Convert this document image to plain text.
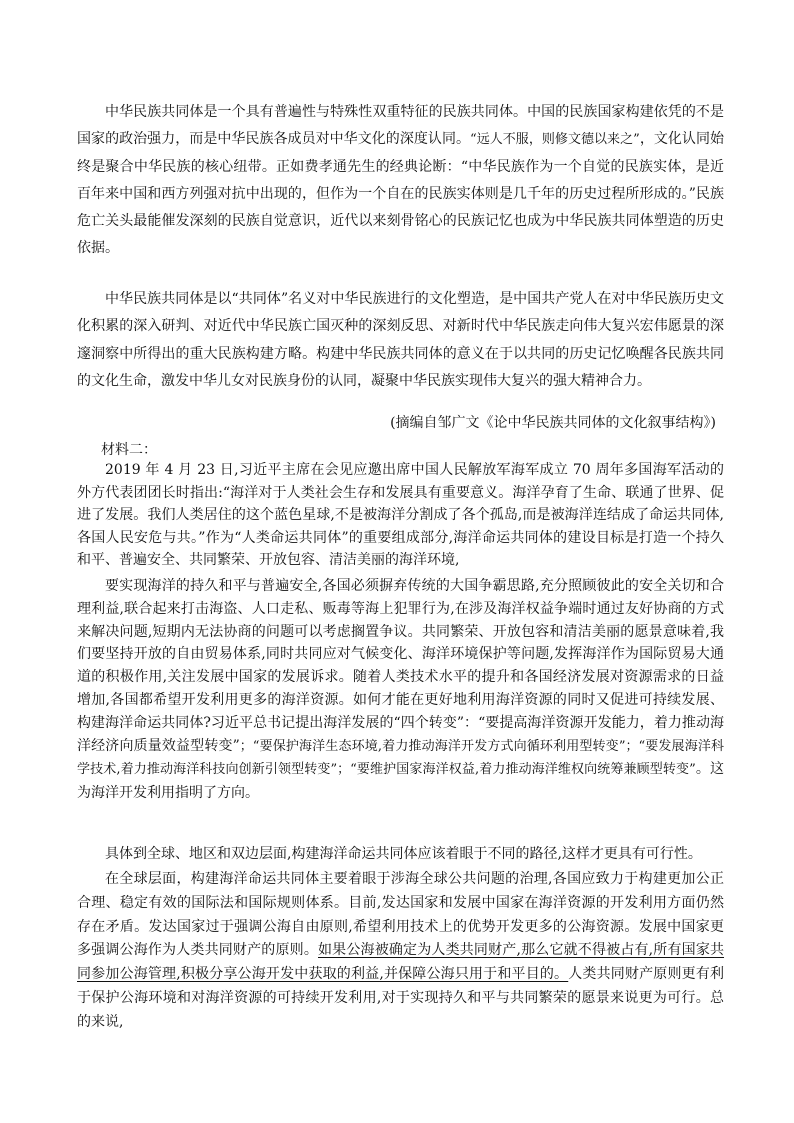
中华民族共同体是一个具有普遍性与特殊性双重特征的民族共同体。中国的民族国家构建依凭的不是国家的政治强力，而是中华民族各成员对中华文化的深度认同。“远人不服，则修文德以来之”，文化认同始终是聚合中华民族的核心纽带。正如费孝通先生的经典论断：“中华民族作为一个自觉的民族实体，是近百年来中国和西方列强对抗中出现的，但作为一个自在的民族实体则是几千年的历史过程所形成的。”民族危亡关头最能催发深刻的民族自觉意识，近代以来刻骨铭心的民族记忆也成为中华民族共同体塑造的历史依据。

中华民族共同体是以“共同体”名义对中华民族进行的文化塑造，是中国共产党人在对中华民族历史文化积累的深入研判、对近代中华民族亡国灭种的深刻反思、对新时代中华民族走向伟大复兴宏伟愿景的深邃洞察中所得出的重大民族构建方略。构建中华民族共同体的意义在于以共同的历史记忆唤醒各民族共同的文化生命，激发中华儿女对民族身份的认同，凝聚中华民族实现伟大复兴的强大精神合力。

(摘编自邹广文《论中华民族共同体的文化叙事结构》)
材料二：

2019 年 4 月 23 日,习近平主席在会见应邀出席中国人民解放军海军成立 70 周年多国海军活动的外方代表团团长时指出:“海洋对于人类社会生存和发展具有重要意义。海洋孕育了生命、联通了世界、促进了发展。我们人类居住的这个蓝色星球,不是被海洋分割成了各个孤岛,而是被海洋连结成了命运共同体,各国人民安危与共。”作为“人类命运共同体”的重要组成部分,海洋命运共同体的建设目标是打造一个持久和平、普遍安全、共同繁荣、开放包容、清洁美丽的海洋环境,

要实现海洋的持久和平与普遍安全,各国必须摒弃传统的大国争霸思路,充分照顾彼此的安全关切和合理利益,联合起来打击海盗、人口走私、贩毒等海上犯罪行为,在涉及海洋权益争端时通过友好协商的方式来解决问题,短期内无法协商的问题可以考虑搁置争议。共同繁荣、开放包容和清洁美丽的愿景意味着,我们要坚持开放的自由贸易体系,同时共同应对气候变化、海洋环境保护等问题,发挥海洋作为国际贸易大通道的积极作用,关注发展中国家的发展诉求。随着人类技术水平的提升和各国经济发展对资源需求的日益增加,各国都希望开发利用更多的海洋资源。如何才能在更好地利用海洋资源的同时又促进可持续发展、构建海洋命运共同体?习近平总书记提出海洋发展的“四个转变”：“要提高海洋资源开发能力，着力推动海洋经济向质量效益型转变”；“要保护海洋生态环境,着力推动海洋开发方式向循环利用型转变”；“要发展海洋科学技术,着力推动海洋科技向创新引领型转变”；“要维护国家海洋权益,着力推动海洋维权向统筹兼顾型转变”。这为海洋开发利用指明了方向。

具体到全球、地区和双边层面,构建海洋命运共同体应该着眼于不同的路径,这样才更具有可行性。

在全球层面，构建海洋命运共同体主要着眼于涉海全球公共问题的治理,各国应致力于构建更加公正合理、稳定有效的国际法和国际规则体系。目前,发达国家和发展中国家在海洋资源的开发利用方面仍然存在矛盾。发达国家过于强调公海自由原则,希望利用技术上的优势开发更多的公海资源。发展中国家更多强调公海作为人类共同财产的原则。如果公海被确定为人类共同财产,那么它就不得被占有,所有国家共同参加公海管理,积极分享公海开发中获取的利益,并保障公海只用于和平目的。人类共同财产原则更有利于保护公海环境和对海洋资源的可持续开发利用,对于实现持久和平与共同繁荣的愿景来说更为可行。总的来说,
